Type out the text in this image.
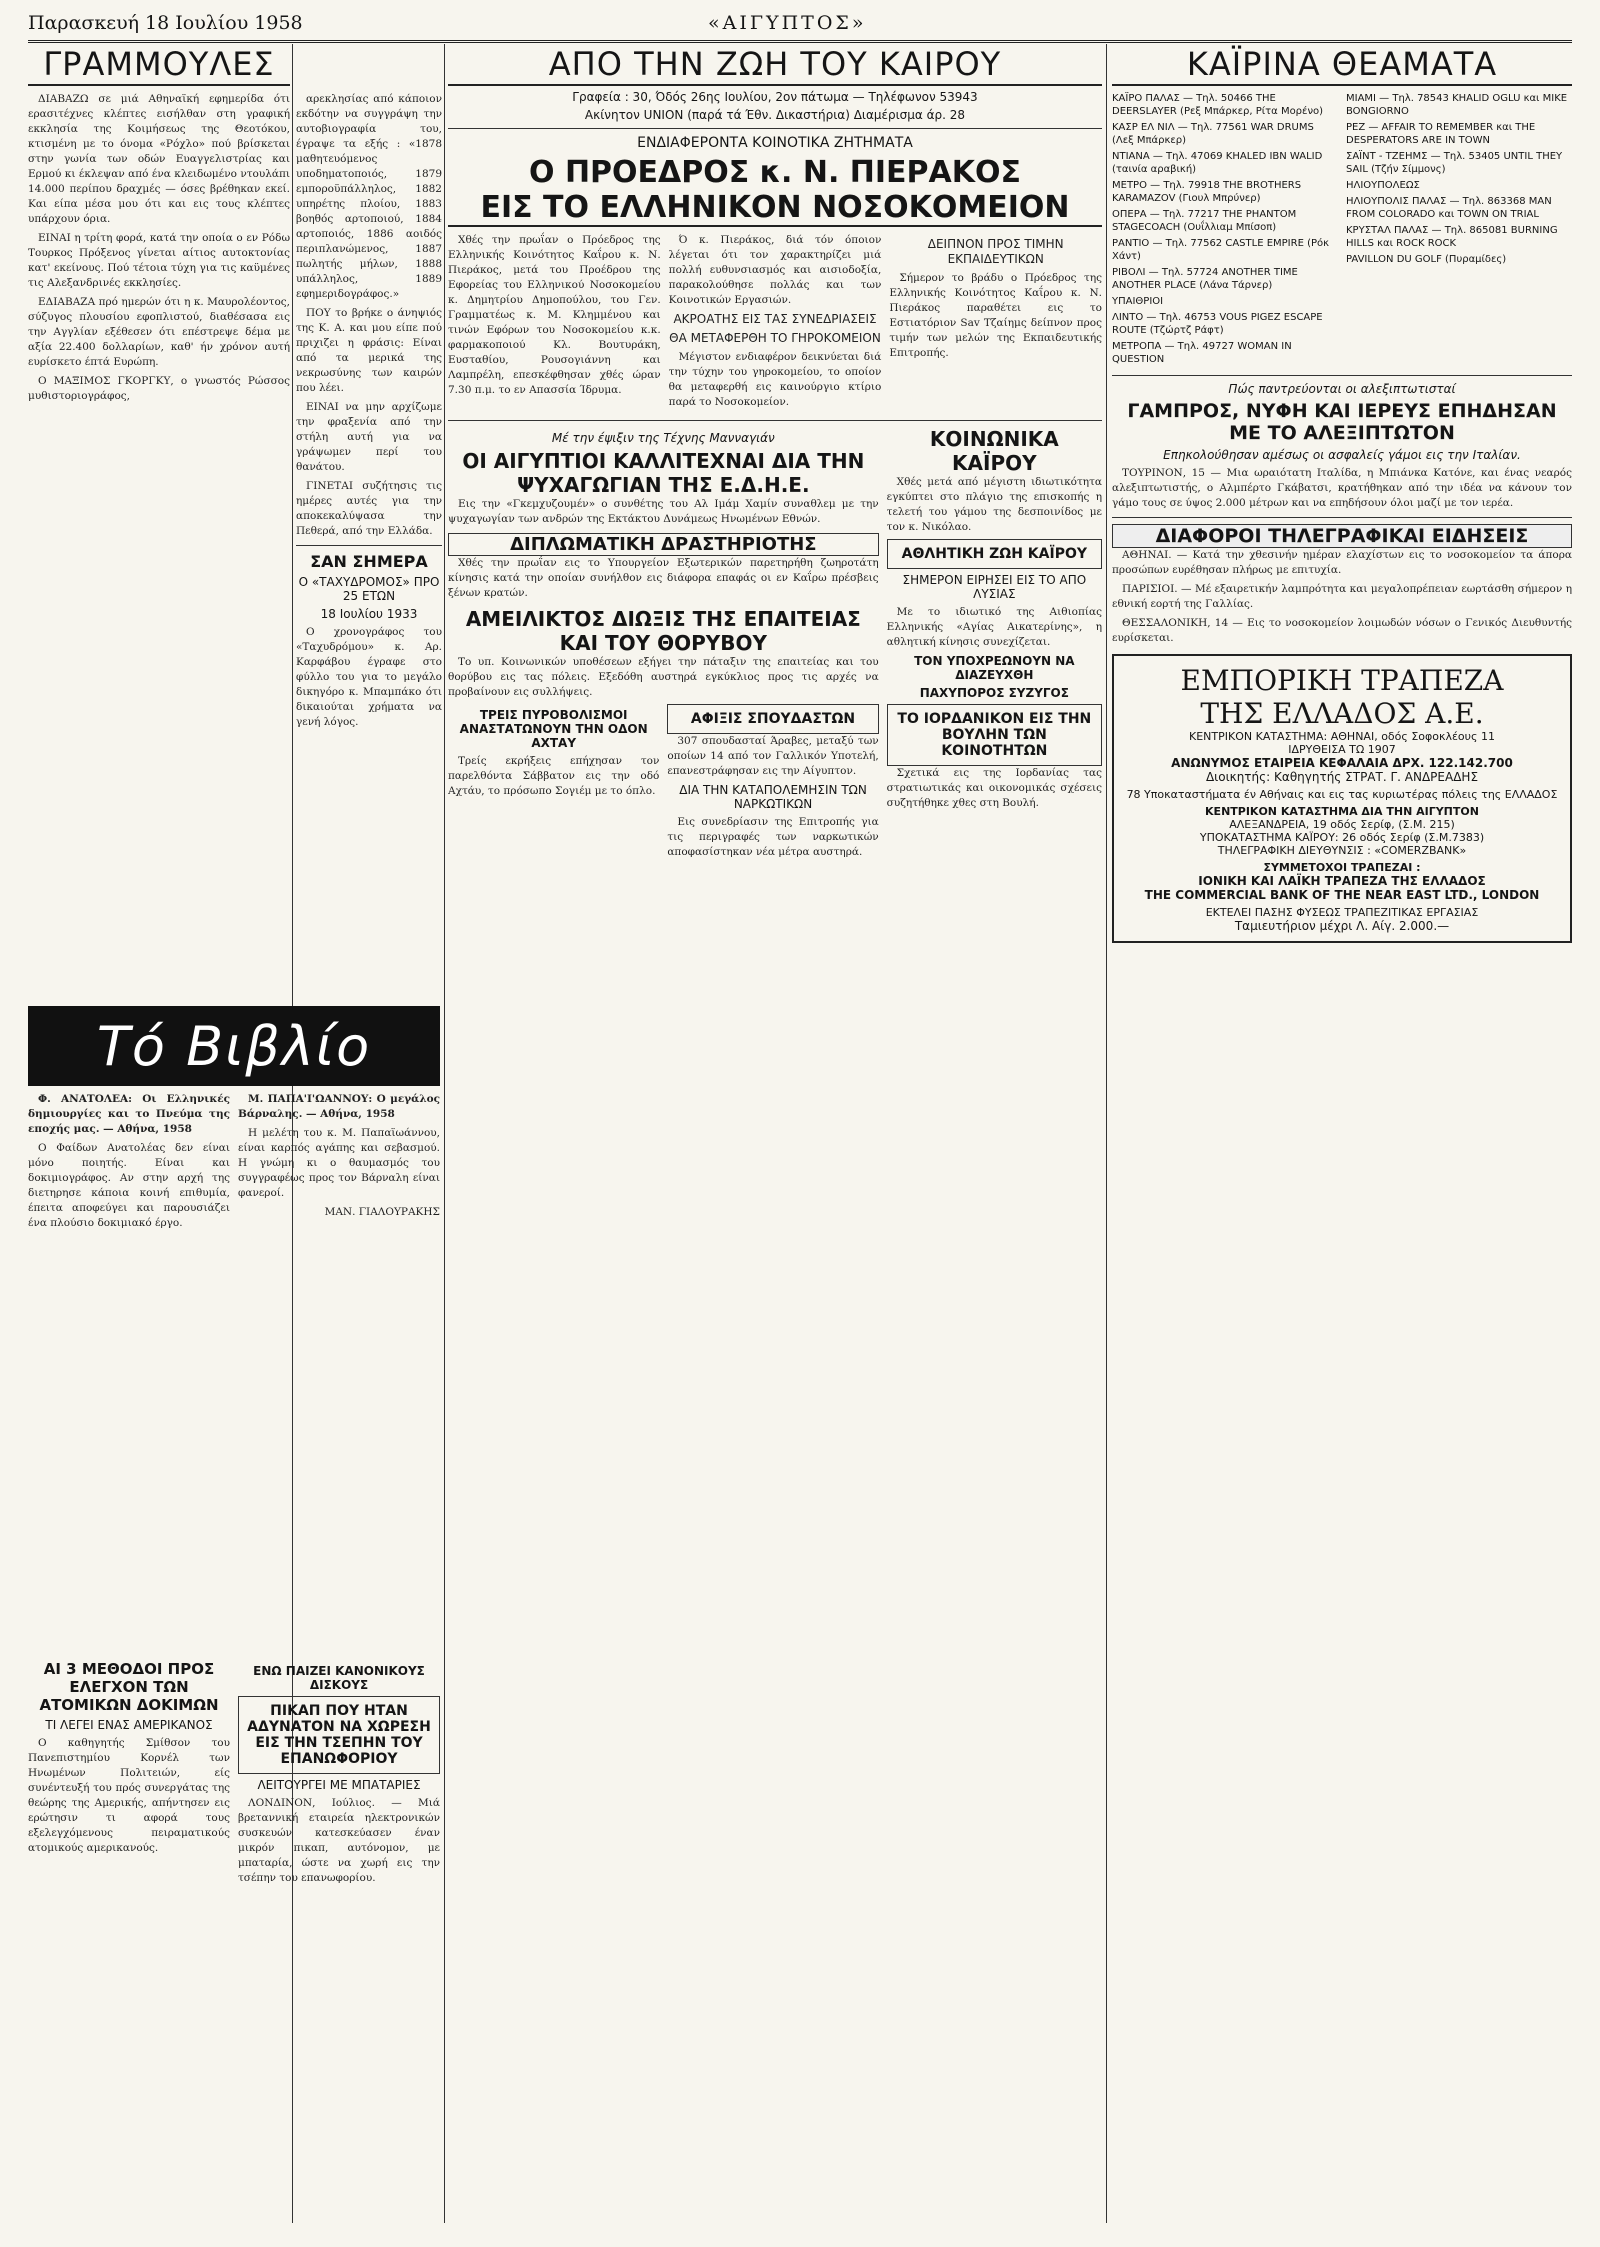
Παρασκευή 18 Ιουλίου 1958	«ΑΙΓΥΠΤΟΣ»
ΓΡΑΜΜΟΥΛΕΣ

ΔΙΑΒΑΖΩ σε μιά Αθηναϊκή εφημερίδα ότι ερασιτέχνες κλέπτες εισήλθαν στη γραφική εκκλησία της Κοιμήσεως της Θεοτόκου, κτισμένη με το όνομα «Ρόχλο» πού βρίσκεται στην γωνία των οδών Ευαγγελιστρίας και Ερμού κι έκλεψαν από ένα κλειδωμένο ντουλάπι 14.000 περίπου δραχμές — όσες βρέθηκαν εκεί. Και είπα μέσα μου ότι και εις τους κλέπτες υπάρχουν όρια.

ΕΙΝΑΙ η τρίτη φορά, κατά την οποία ο εν Ρόδω Τουρκος Πρόξενος γίνεται αίτιος αυτοκτονίας κατ' εκείνους. Πού τέτοια τύχη για τις καϋμένες τις Αλεξανδρινές εκκλησίες.

ΕΔΙΑΒΑΖΑ πρό ημερών ότι η κ. Μαυρολέοντος, σύζυγος πλουσίου εφοπλιστού, διαθέσασα εις την Αγγλίαν εξέθεσεν ότι επέστρεψε δέμα με αξία 22.400 δολλαρίων, καθ' ήν χρόνον αυτή ευρίσκετο έπτά Ευρώπη.

Ο ΜΑΞΙΜΟΣ ΓΚΟΡΓΚΥ, ο γνωστός Ρώσσος μυθιστοριογράφος,

αρεκλησίας από κάποιον εκδότην να συγγράψη την αυτοβιογραφία του, έγραψε τα εξής : «1878 μαθητευόμενος υποδηματοποιός, 1879 εμποροϋπάλληλος, 1882 υπηρέτης πλοίου, 1883 βοηθός αρτοποιού, 1884 αρτοποιός, 1886 αοιδός περιπλανώμενος, 1887 πωλητής μήλων, 1888 υπάλληλος, 1889 εφημεριδογράφος.»

ΠΟΥ το βρήκε ο άνηψιός της Κ. Α. και μου είπε πού πριχιζει η φράσις: Είναι από τα μερικά της νεκρωσύνης των καιρών που λέει.

ΕΙΝΑΙ να μην αρχίζωμε την φραξενία από την στήλη αυτή για να γράψωμεν περί του θανάτου.

ΓΙΝΕΤΑΙ συζήτησις τις ημέρες αυτές για την αποκεκαλύψασα την Πεθερά, από την Ελλάδα.

ΣΑΝ ΣΗΜΕΡΑ
Ο «ΤΑΧΥΔΡΟΜΟΣ» ΠΡΟ 25 ΕΤΩΝ
18 Ιουλίου 1933

Ο χρονογράφος του «Ταχυδρόμου» κ. Αρ. Καρφάβου έγραφε στο φύλλο του για το μεγάλο δικηγόρο κ. Μπαμπάκο ότι δικαιούται χρήματα να γενή λόγος.

Τό Βιβλίο

Φ. ΑΝΑΤΟΛΕΑ: Οι Ελληνικές δημιουργίες και το Πνεύμα της εποχής μας. — Αθήνα, 1958

Ο Φαίδων Ανατολέας δεν είναι μόνο ποιητής. Είναι και δοκιμιογράφος. Αν στην αρχή της διετηρησε κάποια κοινή επιθυμία, έπειτα αποφεύγει και παρουσιάζει ένα πλούσιο δοκιμιακό έργο.

Μ. ΠΑΠΑ'Ι'ΩΑΝΝΟΥ: Ο μεγάλος Βάρναλης. — Αθήνα, 1958

Η μελέτη του κ. Μ. Παπαϊωάννου, είναι καρπός αγάπης και σεβασμού. Η γνώμη κι ο θαυμασμός του συγγραφέως προς τον Βάρναλη είναι φανεροί.

ΜΑΝ. ΓΙΑΛΟΥΡΑΚΗΣ

ΑΙ 3 ΜΕΘΟΔΟΙ ΠΡΟΣ ΕΛΕΓΧΟΝ ΤΩΝ ΑΤΟΜΙΚΩΝ ΔΟΚΙΜΩΝ
ΤΙ ΛΕΓΕΙ ΕΝΑΣ ΑΜΕΡΙΚΑΝΟΣ

Ο καθηγητής Σμίθσον του Πανεπιστημίου Κορνέλ των Ηνωμένων Πολιτειών, είς συνέντευξή του πρός συνεργάτας της θεώρης της Αμερικής, απήντησεν εις ερώτησιν τι αφορά τους εξελεγχόμενους πειραματικούς ατομικούς αμερικανούς.

ΕΝΩ ΠΑΙΖΕΙ ΚΑΝΟΝΙΚΟΥΣ ΔΙΣΚΟΥΣ
ΠΙΚΑΠ ΠΟΥ ΗΤΑΝ ΑΔΥΝΑΤΟΝ ΝΑ ΧΩΡΕΣΗ ΕΙΣ ΤΗΝ ΤΣΕΠΗΝ ΤΟΥ ΕΠΑΝΩΦΟΡΙΟΥ
ΛΕΙΤΟΥΡΓΕΙ ΜΕ ΜΠΑΤΑΡΙΕΣ

ΛΟΝΔΙΝΟΝ, Ιούλιος. — Μιά βρεταννική εταιρεία ηλεκτρονικών συσκευών κατεσκεύασεν έναν μικρόν πικαπ, αυτόνομον, με μπαταρία, ώστε να χωρή εις την τσέπην του επανωφορίου.

ΑΠΟ ΤΗΝ ΖΩΗ ΤΟΥ ΚΑΙΡΟΥ
Γραφεία : 30, Όδός 26ης Ιουλίου, 2ον πάτωμα — Τηλέφωνον 53943
Ακίνητον UNION (παρά τά Έθν. Δικαστήρια) Διαμέρισμα άρ. 28
ΕΝΔΙΑΦΕΡΟΝΤΑ ΚΟΙΝΟΤΙΚΑ ΖΗΤΗΜΑΤΑ
Ο ΠΡΟΕΔΡΟΣ κ. Ν. ΠΙΕΡΑΚΟΣ
ΕΙΣ ΤΟ ΕΛΛΗΝΙΚΟΝ ΝΟΣΟΚΟΜΕΙΟΝ

Χθές την πρωΐαν ο Πρόεδρος της Ελληνικής Κοινότητος Καΐρου κ. Ν. Πιεράκος, μετά του Προέδρου της Εφορείας του Ελληνικού Νοσοκομείου κ. Δημητρίου Δημοπούλου, του Γεν. Γραμματέως κ. Μ. Κλημμένου και τινών Εφόρων του Νοσοκομείου κ.κ. φαρμακοποιού Κλ. Βουτυράκη, Ευσταθίου, Ρουσογιάννη και Λαμπρέλη, επεσκέφθησαν χθές ώραν 7.30 π.μ. το εν Απασσία Ίδρυμα.

Ό κ. Πιεράκος, διά τόν όποιον λέγεται ότι τον χαρακτηρίζει μιά πολλή ευθυνσιασμός και αισιοδοξία, παρακολούθησε πολλάς και των Κοινοτικών Εργασιών.

ΑΚΡΟΑΤΗΣ ΕΙΣ ΤΑΣ ΣΥΝΕΔΡΙΑΣΕΙΣ
ΘΑ ΜΕΤΑΦΕΡΘΗ ΤΟ ΓΗΡΟΚΟΜΕΙΟΝ

Μέγιστον ενδιαφέρον δεικνύεται διά την τύχην του γηροκομείου, το οποίον θα μεταφερθή εις καινούργιο κτίριο παρά το Νοσοκομείον.

ΔΕΙΠΝΟΝ ΠΡΟΣ ΤΙΜΗΝ ΕΚΠΑΙΔΕΥΤΙΚΩΝ

Σήμερον το βράδυ ο Πρόεδρος της Ελληνικής Κοινότητος Καΐρου κ. Ν. Πιεράκος παραθέτει εις το Εστιατόριον Sav Τζαίημς δείπνον προς τιμήν των μελών της Εκπαιδευτικής Επιτροπής.

Μέ την έψιξιν της Τέχνης Μανναγιάν
ΟΙ ΑΙΓΥΠΤΙΟΙ ΚΑΛΛΙΤΕΧΝΑΙ ΔΙΑ ΤΗΝ ΨΥΧΑΓΩΓΙΑΝ ΤΗΣ Ε.Δ.Η.Ε.

Εις την «Γκεμχυζουμέν» ο συνθέτης του Αλ Ιμάμ Χαμίν συναθλεμ με την ψυχαγωγίαν των ανδρών της Εκτάκτου Δυνάμεως Ηνωμένων Εθνών.

ΔΙΠΛΩΜΑΤΙΚΗ ΔΡΑΣΤΗΡΙΟΤΗΣ

Χθές την πρωΐαν εις το Υπουργείον Εξωτερικών παρετηρήθη ζωηροτάτη κίνησις κατά την οποίαν συνήλθον εις διάφορα επαφάς οι εν Καΐρω πρέσβεις ξένων κρατών.

ΑΜΕΙΛΙΚΤΟΣ ΔΙΩΞΙΣ ΤΗΣ ΕΠΑΙΤΕΙΑΣ ΚΑΙ ΤΟΥ ΘΟΡΥΒΟΥ

Το υπ. Κοινωνικών υποθέσεων εξήγει την πάταξιν της επαιτείας και του θορύβου εις τας πόλεις. Εξεδόθη αυστηρά εγκύκλιος προς τις αρχές να προβαίνουν εις συλλήψεις.

ΤΡΕΙΣ ΠΥΡΟΒΟΛΙΣΜΟΙ ΑΝΑΣΤΑΤΩΝΟΥΝ ΤΗΝ ΟΔΟΝ ΑΧΤΑΥ

Τρείς εκρήξεις επήχησαν τον παρελθόντα Σάββατον εις την οδό Αχτάυ, το πρόσωπο Σογιέμ με το όπλο.

ΑΦΙΞΙΣ ΣΠΟΥΔΑΣΤΩΝ

307 σπουδασταί Άραβες, μεταξύ των οποίων 14 από τον Γαλλικόν Υποτελή, επανεστράφησαν εις την Αίγυπτον.

ΔΙΑ ΤΗΝ ΚΑΤΑΠΟΛΕΜΗΣΙΝ ΤΩΝ ΝΑΡΚΩΤΙΚΩΝ

Εις συνεδρίασιν της Επιτροπής για τις περιγραφές των ναρκωτικών αποφασίστηκαν νέα μέτρα αυστηρά.

ΚΟΙΝΩΝΙΚΑ ΚΑΪΡΟΥ

Χθές μετά από μέγιστη ιδιωτικότητα εγκύπτει στο πλάγιο της επισκοπής η τελετή του γάμου της δεσποινίδος με τον κ. Νικόλαο.

ΑΘΛΗΤΙΚΗ ΖΩΗ ΚΑΪΡΟΥ
ΣΗΜΕΡΟΝ ΕΙΡΗΣΕΙ ΕΙΣ ΤΟ ΑΠΟ ΛΥΣΙΑΣ

Με το ιδιωτικό της Αιθιοπίας Ελληνικής «Αγίας Αικατερίνης», η αθλητική κίνησις συνεχίζεται.

ΤΟΝ ΥΠΟΧΡΕΩΝΟΥΝ ΝΑ ΔΙΑΖΕΥΧΘΗ
ΠΑΧΥΠΟΡΟΣ ΣΥΖΥΓΟΣ
ΤΟ ΙΟΡΔΑΝΙΚΟΝ ΕΙΣ ΤΗΝ ΒΟΥΛΗΝ ΤΩΝ ΚΟΙΝΟΤΗΤΩΝ

Σχετικά εις της Ιορδανίας τας στρατιωτικάς και οικονομικάς σχέσεις συζητήθηκε χθες στη Βουλή.

ΚΑΪΡΙΝΑ ΘΕΑΜΑΤΑ
ΚΑΪΡΟ ΠΑΛΑΣ — Τηλ. 50466 THE DEERSLAYER (Ρεξ Μπάρκερ, Ρίτα Μορένο)
ΚΑΣΡ ΕΛ ΝΙΛ — Τηλ. 77561 WAR DRUMS (Λεξ Μπάρκερ)
ΝΤΙΑΝΑ — Τηλ. 47069 KHALED IBN WALID (ταινία αραβική)
ΜΕΤΡΟ — Τηλ. 79918 THE BROTHERS KARAMAZOV (Γιουλ Μπρύνερ)
ΟΠΕΡΑ — Τηλ. 77217 THE PHANTOM STAGECOACH (Ουΐλλιαμ Μπίσοπ)
ΡΑΝΤΙΟ — Τηλ. 77562 CASTLE EMPIRE (Ρόκ Χάντ)
ΡΙΒΟΛΙ — Τηλ. 57724 ANOTHER TIME ANOTHER PLACE (Λάνα Τάρνερ)
ΥΠΑΙΘΡΙΟΙ
ΛΙΝΤΟ — Τηλ. 46753 VOUS PIGEZ ESCAPE ROUTE (Τζώρτζ Ράφτ)
ΜΕΤΡΟΠΑ — Τηλ. 49727 WOMAN IN QUESTION
ΜΙΑΜΙ — Τηλ. 78543 KHALID OGLU και MIKE BONGIORNO
PEZ — AFFAIR TO REMEMBER και THE DESPERATORS ARE IN TOWN
ΣΑΪΝΤ - ΤΖΕΗΜΣ — Τηλ. 53405 UNTIL THEY SAIL (Τζήν Σίμμονς)
ΗΛΙΟΥΠΟΛΕΩΣ
ΗΛΙΟΥΠΟΛΙΣ ΠΑΛΑΣ — Τηλ. 863368 MAN FROM COLORADO και TOWN ON TRIAL
ΚΡΥΣΤΑΛ ΠΑΛΑΣ — Τηλ. 865081 BURNING HILLS και ROCK ROCK
PAVILLON DU GOLF (Πυραμίδες)
Πώς παντρεύονται οι αλεξιπτωτισταί
ΓΑΜΠΡΟΣ, ΝΥΦΗ ΚΑΙ ΙΕΡΕΥΣ ΕΠΗΔΗΣΑΝ ΜΕ ΤΟ ΑΛΕΞΙΠΤΩΤΟΝ
Επηκολούθησαν αμέσως οι ασφαλείς γάμοι εις την Ιταλίαν.

ΤΟΥΡΙΝΟΝ, 15 — Μια ωραιότατη Ιταλίδα, η Μπιάνκα Κατόνε, και ένας νεαρός αλεξιπτωτιστής, ο Αλμπέρτο Γκάβατσι, κρατήθηκαν από την ιδέα να κάνουν τον γάμο τους σε ύψος 2.000 μέτρων και να επηδήσουν όλοι μαζί με τον ιερέα.

ΔΙΑΦΟΡΟΙ ΤΗΛΕΓΡΑΦΙΚΑΙ ΕΙΔΗΣΕΙΣ

ΑΘΗΝΑΙ. — Κατά την χθεσινήν ημέραν ελαχίστων εις το νοσοκομείον τα άπορα προσώπων ευρέθησαν πλήρως με επιτυχία.

ΠΑΡΙΣΙΟΙ. — Μέ εξαιρετικήν λαμπρότητα και μεγαλοπρέπειαν εωρτάσθη σήμερον η εθνική εορτή της Γαλλίας.

ΘΕΣΣΑΛΟΝΙΚΗ, 14 — Εις το νοσοκομείον λοιμωδών νόσων ο Γενικός Διευθυντής ευρίσκεται.

ΕΜΠΟΡΙΚΗ ΤΡΑΠΕΖΑ
ΤΗΣ ΕΛΛΑΔΟΣ Α.Ε.
ΚΕΝΤΡΙΚΟΝ ΚΑΤΑΣΤΗΜΑ: ΑΘΗΝΑΙ, οδός Σοφοκλέους 11
ΙΔΡΥΘΕΙΣΑ ΤΩ 1907
ΑΝΩΝΥΜΟΣ ΕΤΑΙΡΕΙΑ ΚΕΦΑΛΑΙΑ ΔΡΧ. 122.142.700
Διοικητής: Καθηγητής ΣΤΡΑΤ. Γ. ΑΝΔΡΕΑΔΗΣ
78 Υποκαταστήματα έν Αθήναις και εις τας κυριωτέρας πόλεις της ΕΛΛΑΔΟΣ
ΚΕΝΤΡΙΚΟΝ ΚΑΤΑΣΤΗΜΑ ΔΙΑ ΤΗΝ ΑΙΓΥΠΤΟΝ
ΑΛΕΞΑΝΔΡΕΙΑ, 19 οδός Σερίφ, (Σ.Μ. 215)
ΥΠΟΚΑΤΑΣΤΗΜΑ ΚΑΪΡΟΥ: 26 οδός Σερίφ (Σ.Μ.7383)
ΤΗΛΕΓΡΑΦΙΚΗ ΔΙΕΥΘΥΝΣΙΣ : «COMERZBANK»
ΣΥΜΜΕΤΟΧΟΙ ΤΡΑΠΕΖΑΙ :
ΙΟΝΙΚΗ ΚΑΙ ΛΑΪΚΗ ΤΡΑΠΕΖΑ ΤΗΣ ΕΛΛΑΔΟΣ
THE COMMERCIAL BANK OF THE NEAR EAST LTD., LONDON
ΕΚΤΕΛΕΙ ΠΑΣΗΣ ΦΥΣΕΩΣ ΤΡΑΠΕΖΙΤΙΚΑΣ ΕΡΓΑΣΙΑΣ
Ταμιευτήριον μέχρι Λ. Αίγ. 2.000.—
